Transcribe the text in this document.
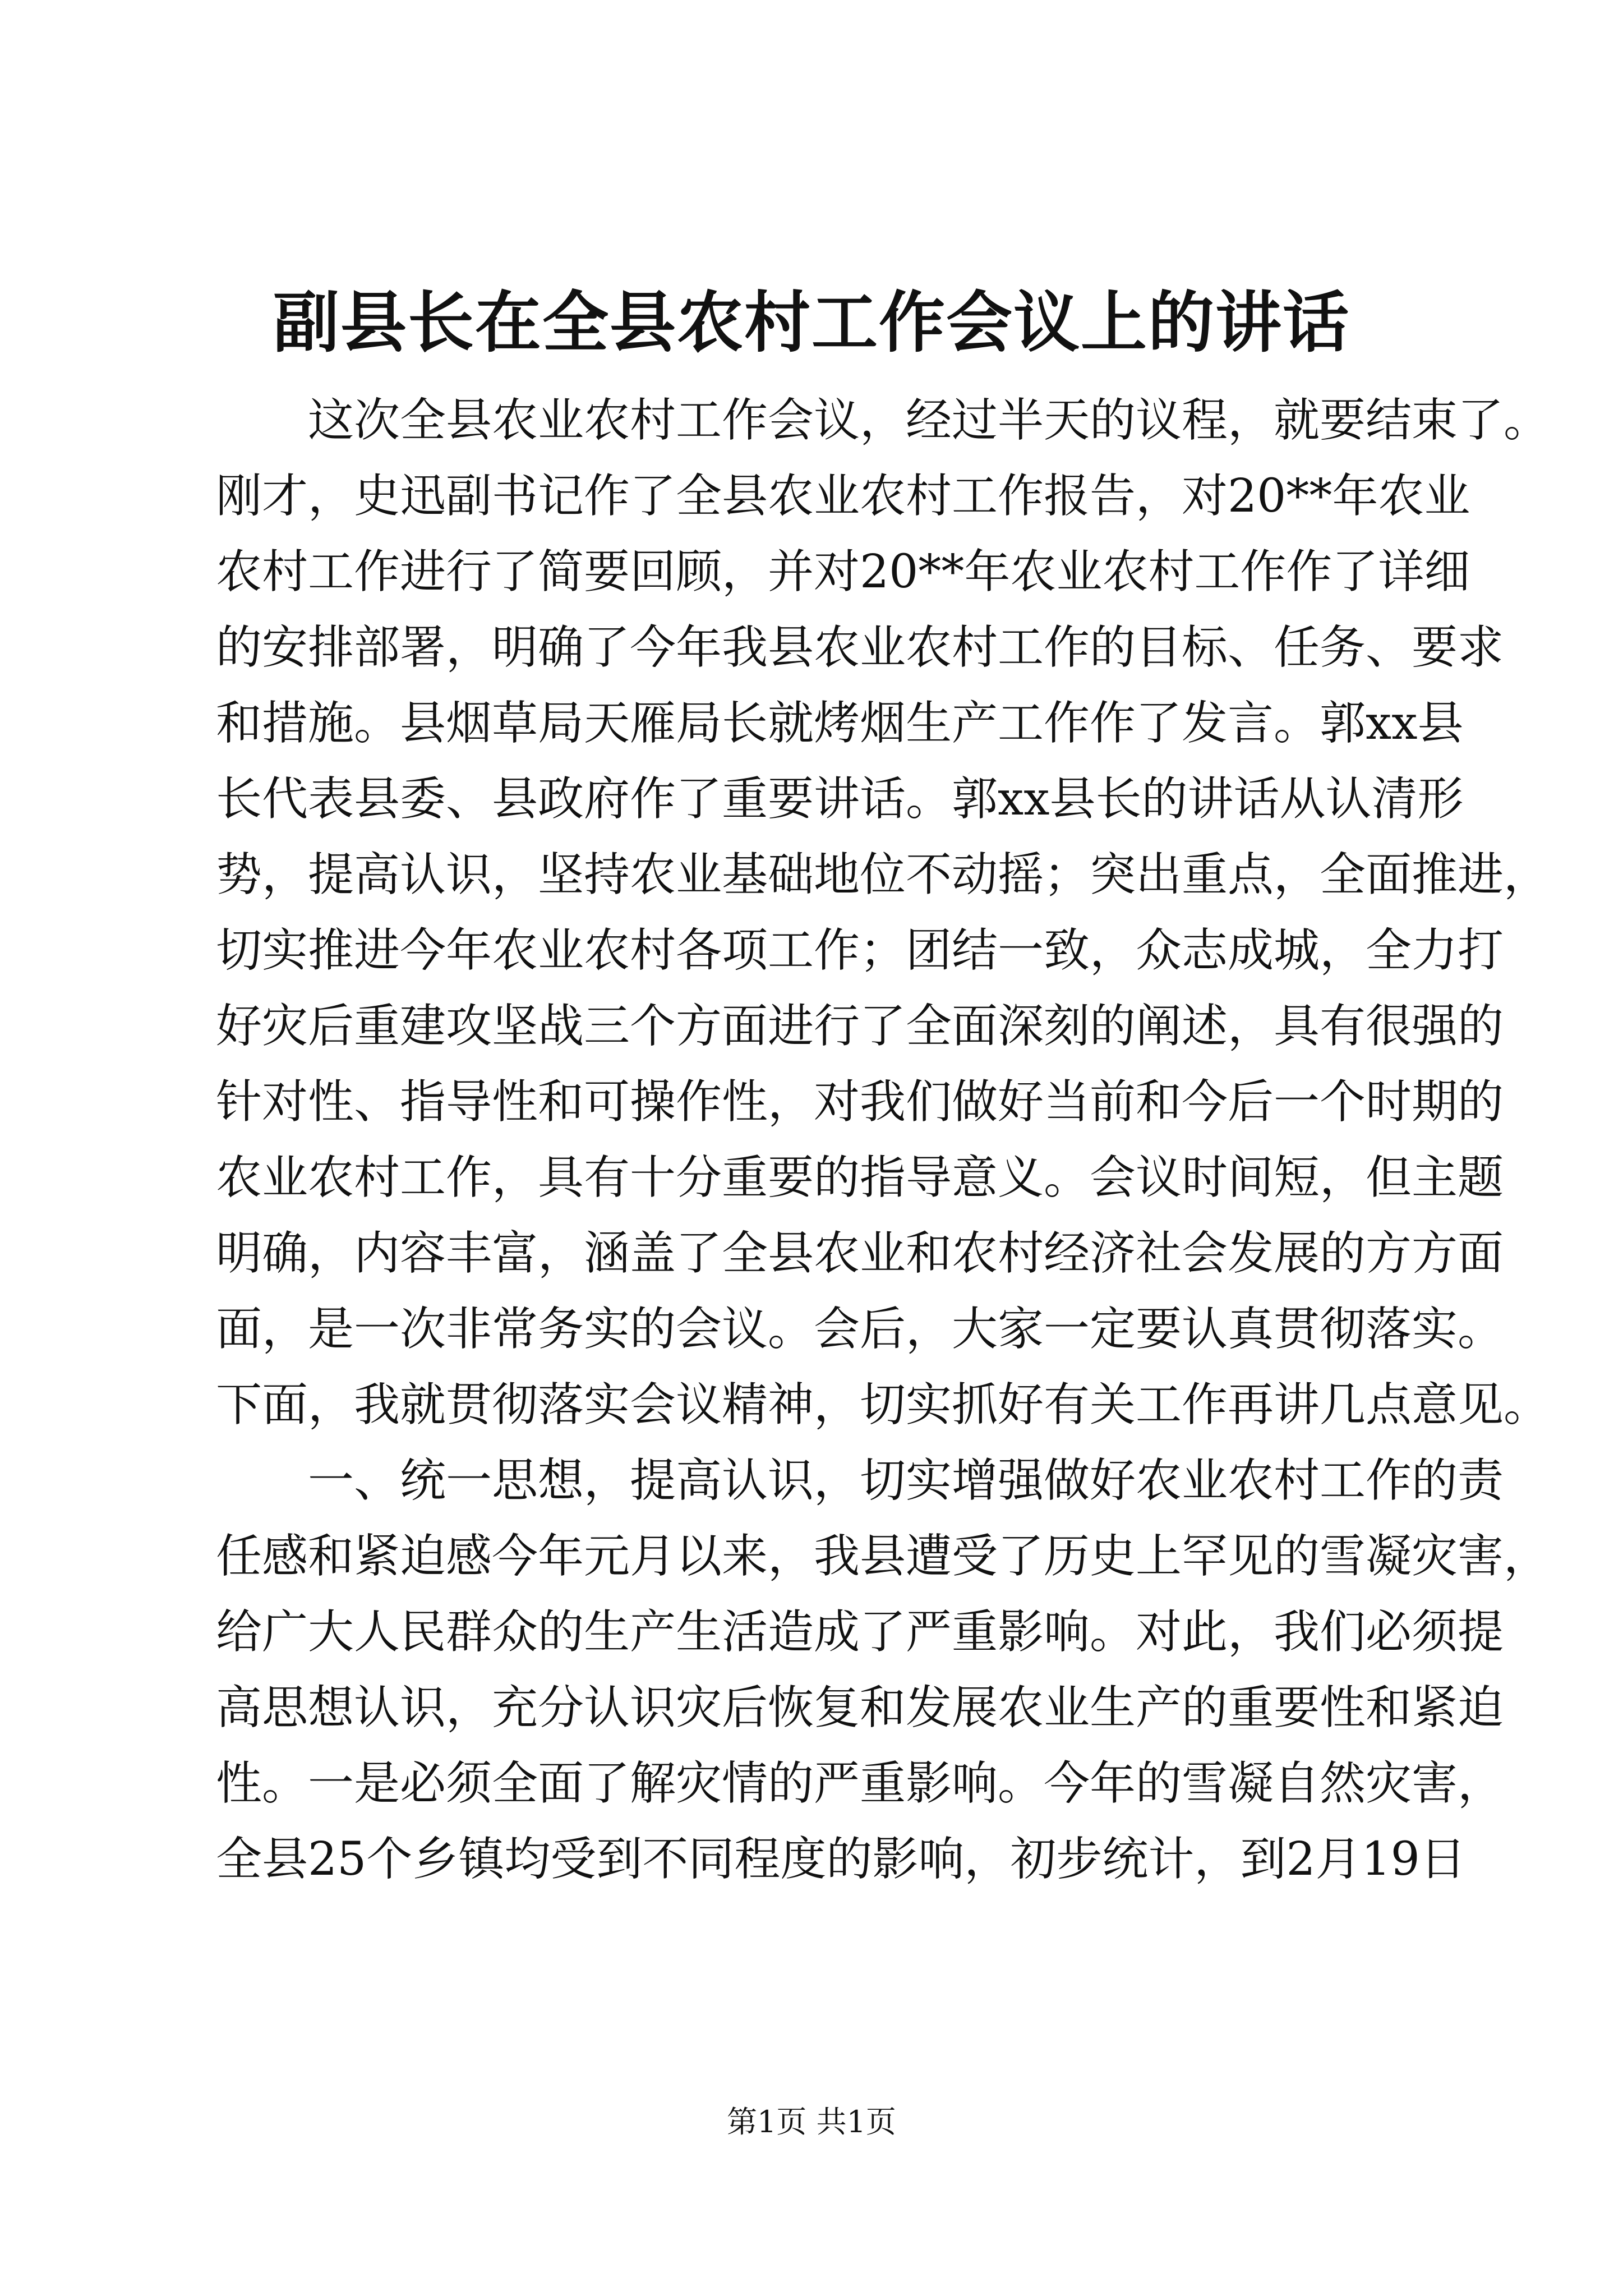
副县长在全县农村工作会议上的讲话
这次全县农业农村工作会议，经过半天的议程，就要结束了。
刚才，史迅副书记作了全县农业农村工作报告，对20**年农业
农村工作进行了简要回顾，并对20**年农业农村工作作了详细
的安排部署，明确了今年我县农业农村工作的目标、任务、要求
和措施。县烟草局天雁局长就烤烟生产工作作了发言。郭xx县
长代表县委、县政府作了重要讲话。郭xx县长的讲话从认清形
势，提高认识，坚持农业基础地位不动摇；突出重点，全面推进，
切实推进今年农业农村各项工作；团结一致，众志成城，全力打
好灾后重建攻坚战三个方面进行了全面深刻的阐述，具有很强的
针对性、指导性和可操作性，对我们做好当前和今后一个时期的
农业农村工作，具有十分重要的指导意义。会议时间短，但主题
明确，内容丰富，涵盖了全县农业和农村经济社会发展的方方面
面，是一次非常务实的会议。会后，大家一定要认真贯彻落实。
下面，我就贯彻落实会议精神，切实抓好有关工作再讲几点意见。
一、统一思想，提高认识，切实增强做好农业农村工作的责
任感和紧迫感今年元月以来，我县遭受了历史上罕见的雪凝灾害，
给广大人民群众的生产生活造成了严重影响。对此，我们必须提
高思想认识，充分认识灾后恢复和发展农业生产的重要性和紧迫
性。一是必须全面了解灾情的严重影响。今年的雪凝自然灾害，
全县25个乡镇均受到不同程度的影响，初步统计，到2月19日
第1页 共1页
